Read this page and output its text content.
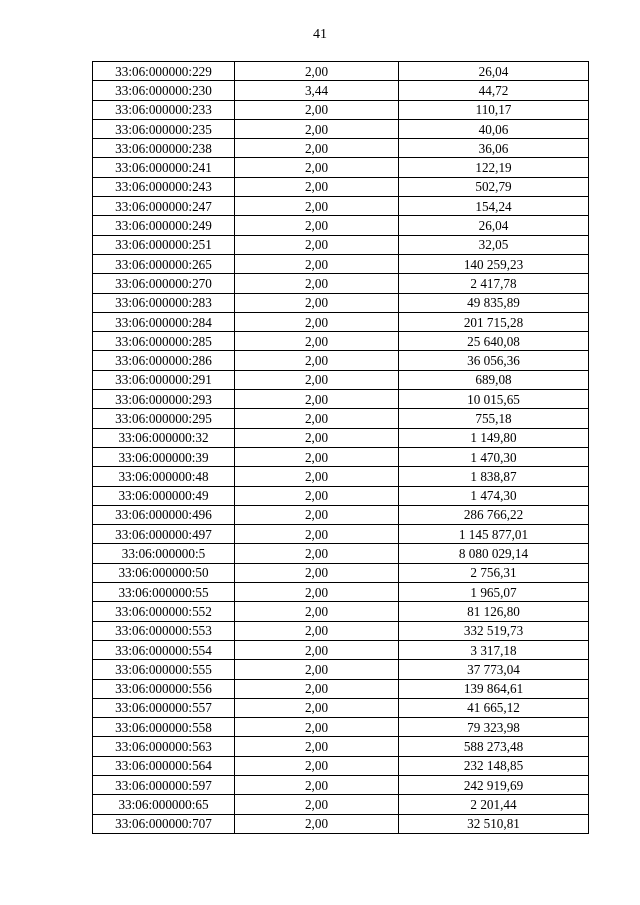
41
33:06:000000:229	2,00	26,04
33:06:000000:230	3,44	44,72
33:06:000000:233	2,00	110,17
33:06:000000:235	2,00	40,06
33:06:000000:238	2,00	36,06
33:06:000000:241	2,00	122,19
33:06:000000:243	2,00	502,79
33:06:000000:247	2,00	154,24
33:06:000000:249	2,00	26,04
33:06:000000:251	2,00	32,05
33:06:000000:265	2,00	140 259,23
33:06:000000:270	2,00	2 417,78
33:06:000000:283	2,00	49 835,89
33:06:000000:284	2,00	201 715,28
33:06:000000:285	2,00	25 640,08
33:06:000000:286	2,00	36 056,36
33:06:000000:291	2,00	689,08
33:06:000000:293	2,00	10 015,65
33:06:000000:295	2,00	755,18
33:06:000000:32	2,00	1 149,80
33:06:000000:39	2,00	1 470,30
33:06:000000:48	2,00	1 838,87
33:06:000000:49	2,00	1 474,30
33:06:000000:496	2,00	286 766,22
33:06:000000:497	2,00	1 145 877,01
33:06:000000:5	2,00	8 080 029,14
33:06:000000:50	2,00	2 756,31
33:06:000000:55	2,00	1 965,07
33:06:000000:552	2,00	81 126,80
33:06:000000:553	2,00	332 519,73
33:06:000000:554	2,00	3 317,18
33:06:000000:555	2,00	37 773,04
33:06:000000:556	2,00	139 864,61
33:06:000000:557	2,00	41 665,12
33:06:000000:558	2,00	79 323,98
33:06:000000:563	2,00	588 273,48
33:06:000000:564	2,00	232 148,85
33:06:000000:597	2,00	242 919,69
33:06:000000:65	2,00	2 201,44
33:06:000000:707	2,00	32 510,81
